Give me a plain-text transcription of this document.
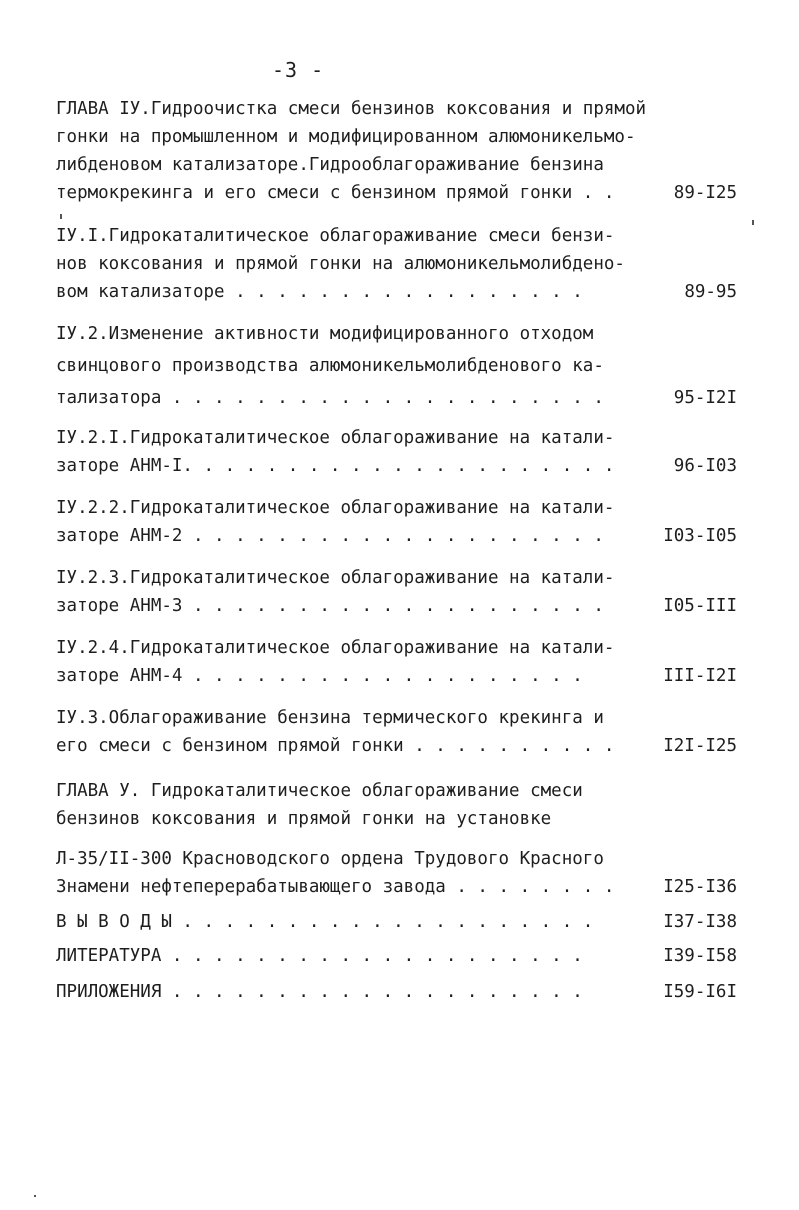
-3 -
ГЛАВА IУ.Гидроочистка смеси бензинов коксования и прямой
гонки на промышленном и модифицированном алюмоникельмо-
либденовом катализаторе.Гидрооблагораживание бензина
термокрекинга и его смеси с бензином прямой гонки . .	89-I25
IУ.I.Гидрокаталитическое облагораживание смеси бензи-
нов коксования и прямой гонки на алюмоникельмолибдено-
вом катализаторе . . . . . . . . . . . . . . . . .	89-95
IУ.2.Изменение активности модифицированного отходом
свинцового производства алюмоникельмолибденового ка-
тализатора . . . . . . . . . . . . . . . . . . . . .	95-I2I
IУ.2.I.Гидрокаталитическое облагораживание на катали-
заторе АНМ-I. . . . . . . . . . . . . . . . . . . . .	96-I03
IУ.2.2.Гидрокаталитическое облагораживание на катали-
заторе АНМ-2 . . . . . . . . . . . . . . . . . . . .	I03-I05
IУ.2.3.Гидрокаталитическое облагораживание на катали-
заторе АНМ-3 . . . . . . . . . . . . . . . . . . . .	I05-III
IУ.2.4.Гидрокаталитическое облагораживание на катали-
заторе АНМ-4 . . . . . . . . . . . . . . . . . . .	III-I2I
IУ.3.Облагораживание бензина термического крекинга и
его смеси с бензином прямой гонки . . . . . . . . . .	I2I-I25
ГЛАВА У. Гидрокаталитическое облагораживание смеси
бензинов коксования и прямой гонки на установке
Л-35/II-300 Красноводского ордена Трудового Красного
Знамени нефтеперерабатывающего завода . . . . . . . .	I25-I36
В Ы В О Д Ы . . . . . . . . . . . . . . . . . . . .	I37-I38
ЛИТЕРАТУРА . . . . . . . . . . . . . . . . . . . .	I39-I58
ПРИЛОЖЕНИЯ . . . . . . . . . . . . . . . . . . . .	I59-I6I
